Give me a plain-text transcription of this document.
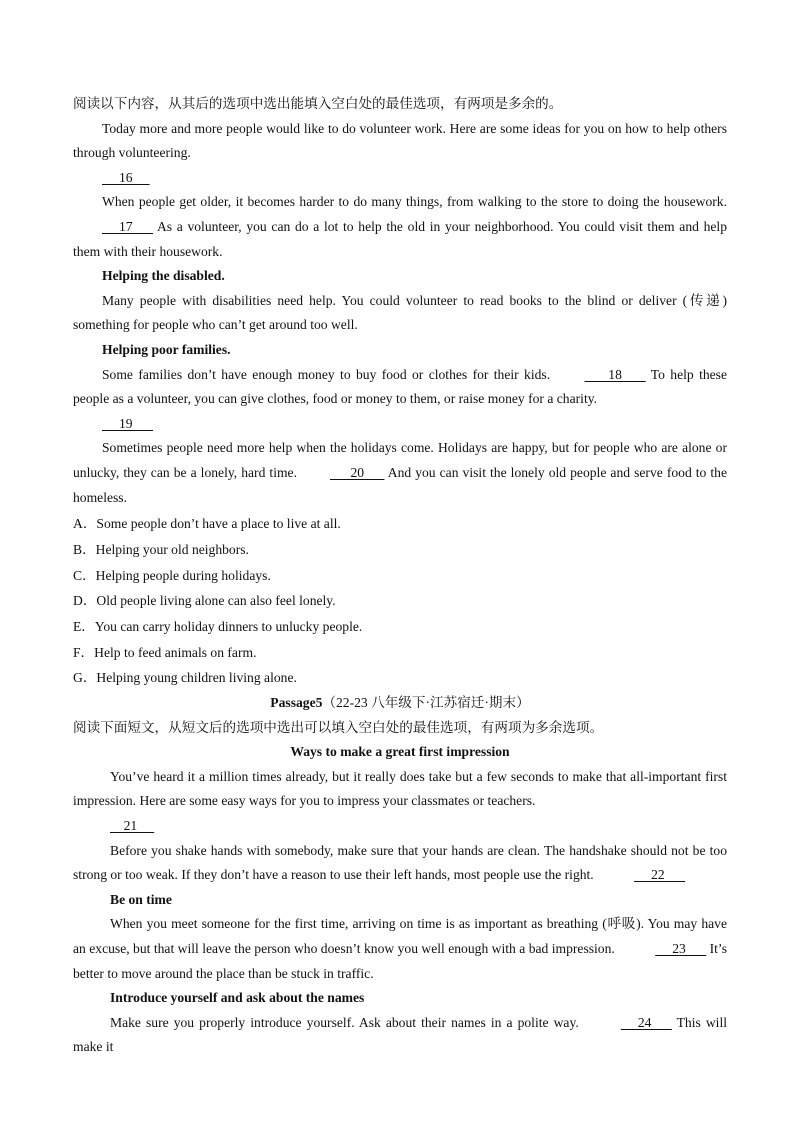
阅读以下内容，从其后的选项中选出能填入空白处的最佳选项，有两项是多余的。

Today more and more people would like to do volunteer work. Here are some ideas for you on how to help others through volunteering.

16

When people get older, it becomes harder to do many things, from walking to the store to doing the housework.      17       As a volunteer, you can do a lot to help the old in your neighborhood. You could visit them and help them with their housework.

Helping the disabled.

Many people with disabilities need help. You could volunteer to read books to the blind or deliver (传递) something for people who can’t get around too well.

Helping poor families.

Some families don’t have enough money to buy food or clothes for their kids.	18        To help these people as a volunteer, you can give clothes, food or money to them, or raise money for a charity.

19

Sometimes people need more help when the holidays come. Holidays are happy, but for people who are alone or unlucky, they can be a lonely, hard time.       20       And you can visit the lonely old people and serve food to the homeless.

A．Some people don’t have a place to live at all.

B．Helping your old neighbors.

C．Helping people during holidays.

D．Old people living alone can also feel lonely.

E．You can carry holiday dinners to unlucky people.

F．Help to feed animals on farm.

G．Helping young children living alone.

Passage5（22-23 八年级下·江苏宿迁·期末）

阅读下面短文，从短文后的选项中选出可以填入空白处的最佳选项，有两项为多余选项。

Ways to make a great first impression

You’ve heard it a million times already, but it really does take but a few seconds to make that all-important first impression. Here are some easy ways for you to impress your classmates or teachers.

21

Before you shake hands with somebody, make sure that your hands are clean. The handshake should not be too strong or too weak. If they don’t have a reason to use their left hands, most people use the right.	22

Be on time

When you meet someone for the first time, arriving on time is as important as breathing (呼吸). You may have an excuse, but that will leave the person who doesn’t know you well enough with a bad impression.	23       It’s better to move around the place than be stuck in traffic.

Introduce yourself and ask about the names

Make sure you properly introduce yourself. Ask about their names in a polite way.	24       This will make it
